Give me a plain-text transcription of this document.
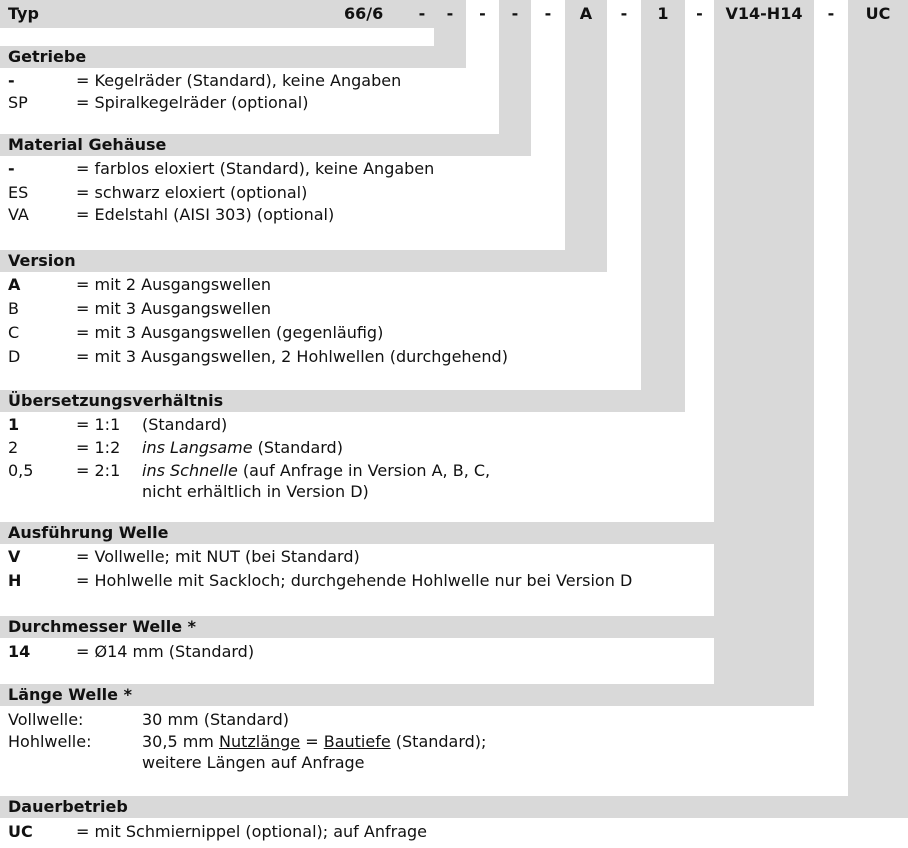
Typ	66/6	-	-	-	-	-	A	-	1	-	V14-H14	-	UC
Getriebe
-	= Kegelräder (Standard), keine Angaben
SP	= Spiralkegelräder (optional)
Material Gehäuse
-	= farblos eloxiert (Standard), keine Angaben
ES	= schwarz eloxiert (optional)
VA	= Edelstahl (AISI 303) (optional)
Version
A	= mit 2 Ausgangswellen
B	= mit 3 Ausgangswellen
C	= mit 3 Ausgangswellen (gegenläufig)
D	= mit 3 Ausgangswellen, 2 Hohlwellen (durchgehend)
Übersetzungsverhältnis
1	= 1:1 (Standard)
2	= 1:2 ins Langsame (Standard)
0,5	= 2:1 ins Schnelle (auf Anfrage in Version A, B, C,
nicht erhältlich in Version D)
Ausführung Welle
V	= Vollwelle; mit NUT (bei Standard)
H	= Hohlwelle mit Sackloch; durchgehende Hohlwelle nur bei Version D
Durchmesser Welle *
14	= Ø14 mm (Standard)
Länge Welle *
Vollwelle:	30 mm (Standard)
Hohlwelle:	30,5 mm Nutzlänge = Bautiefe (Standard);
weitere Längen auf Anfrage
Dauerbetrieb
UC	= mit Schmiernippel (optional); auf Anfrage
